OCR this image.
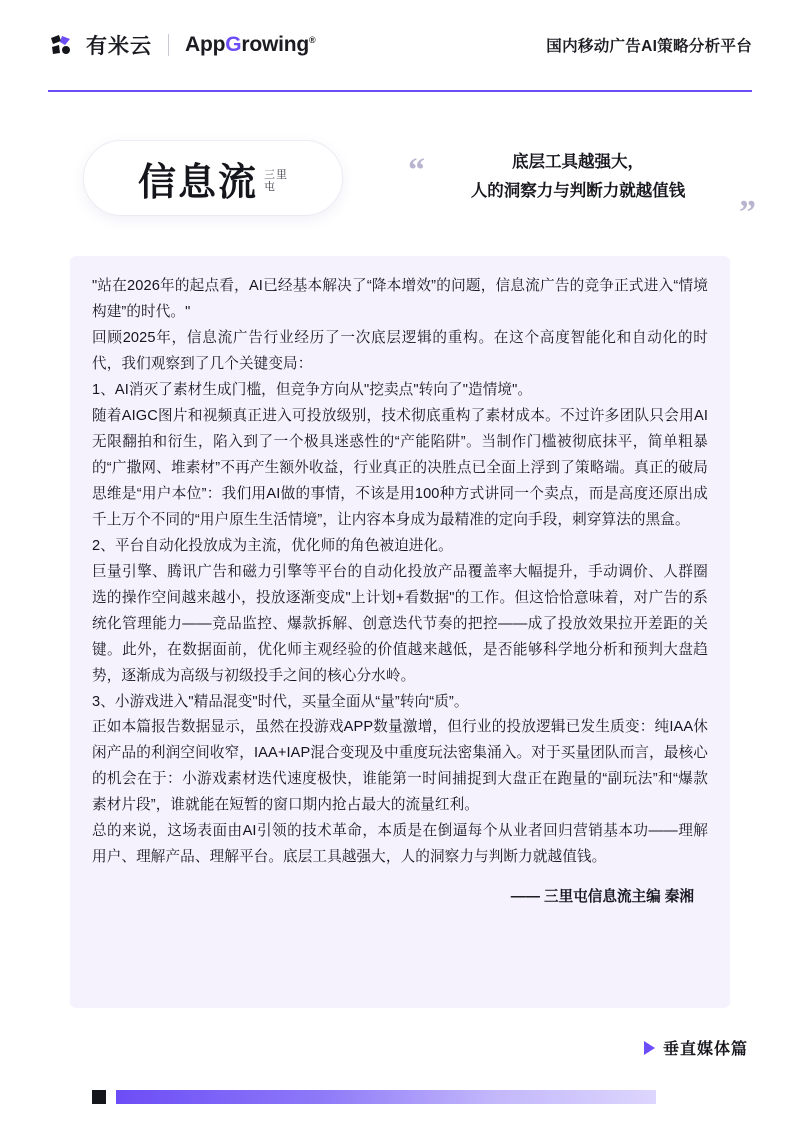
有米云 AppGrowing®	国内移动广告AI策略分析平台
信息流 三里
屯	“
”
底层工具越强大，
人的洞察力与判断力就越值钱

"站在2026年的起点看，AI已经基本解决了“降本增效”的问题，信息流广告的竞争正式进入“情境构建”的时代。"

回顾2025年，信息流广告行业经历了一次底层逻辑的重构。在这个高度智能化和自动化的时代，我们观察到了几个关键变局：

1、AI消灭了素材生成门槛，但竞争方向从"挖卖点"转向了"造情境"。

随着AIGC图片和视频真正进入可投放级别，技术彻底重构了素材成本。不过许多团队只会用AI无限翻拍和衍生，陷入到了一个极具迷惑性的“产能陷阱”。当制作门槛被彻底抹平，简单粗暴的“广撒网、堆素材”不再产生额外收益，行业真正的决胜点已全面上浮到了策略端。真正的破局思维是“用户本位”：我们用AI做的事情，不该是用100种方式讲同一个卖点，而是高度还原出成千上万个不同的“用户原生生活情境”，让内容本身成为最精准的定向手段，刺穿算法的黑盒。

2、平台自动化投放成为主流，优化师的角色被迫进化。

巨量引擎、腾讯广告和磁力引擎等平台的自动化投放产品覆盖率大幅提升，手动调价、人群圈选的操作空间越来越小，投放逐渐变成"上计划+看数据"的工作。但这恰恰意味着，对广告的系统化管理能力——竞品监控、爆款拆解、创意迭代节奏的把控——成了投放效果拉开差距的关键。此外，在数据面前，优化师主观经验的价值越来越低，是否能够科学地分析和预判大盘趋势，逐渐成为高级与初级投手之间的核心分水岭。

3、小游戏进入"精品混变"时代，买量全面从“量”转向“质”。

正如本篇报告数据显示，虽然在投游戏APP数量激增，但行业的投放逻辑已发生质变：纯IAA休闲产品的利润空间收窄，IAA+IAP混合变现及中重度玩法密集涌入。对于买量团队而言，最核心的机会在于：小游戏素材迭代速度极快，谁能第一时间捕捉到大盘正在跑量的“副玩法”和“爆款素材片段”，谁就能在短暂的窗口期内抢占最大的流量红利。

总的来说，这场表面由AI引领的技术革命，本质是在倒逼每个从业者回归营销基本功——理解用户、理解产品、理解平台。底层工具越强大，人的洞察力与判断力就越值钱。

—— 三里屯信息流主编 秦湘
垂直媒体篇
